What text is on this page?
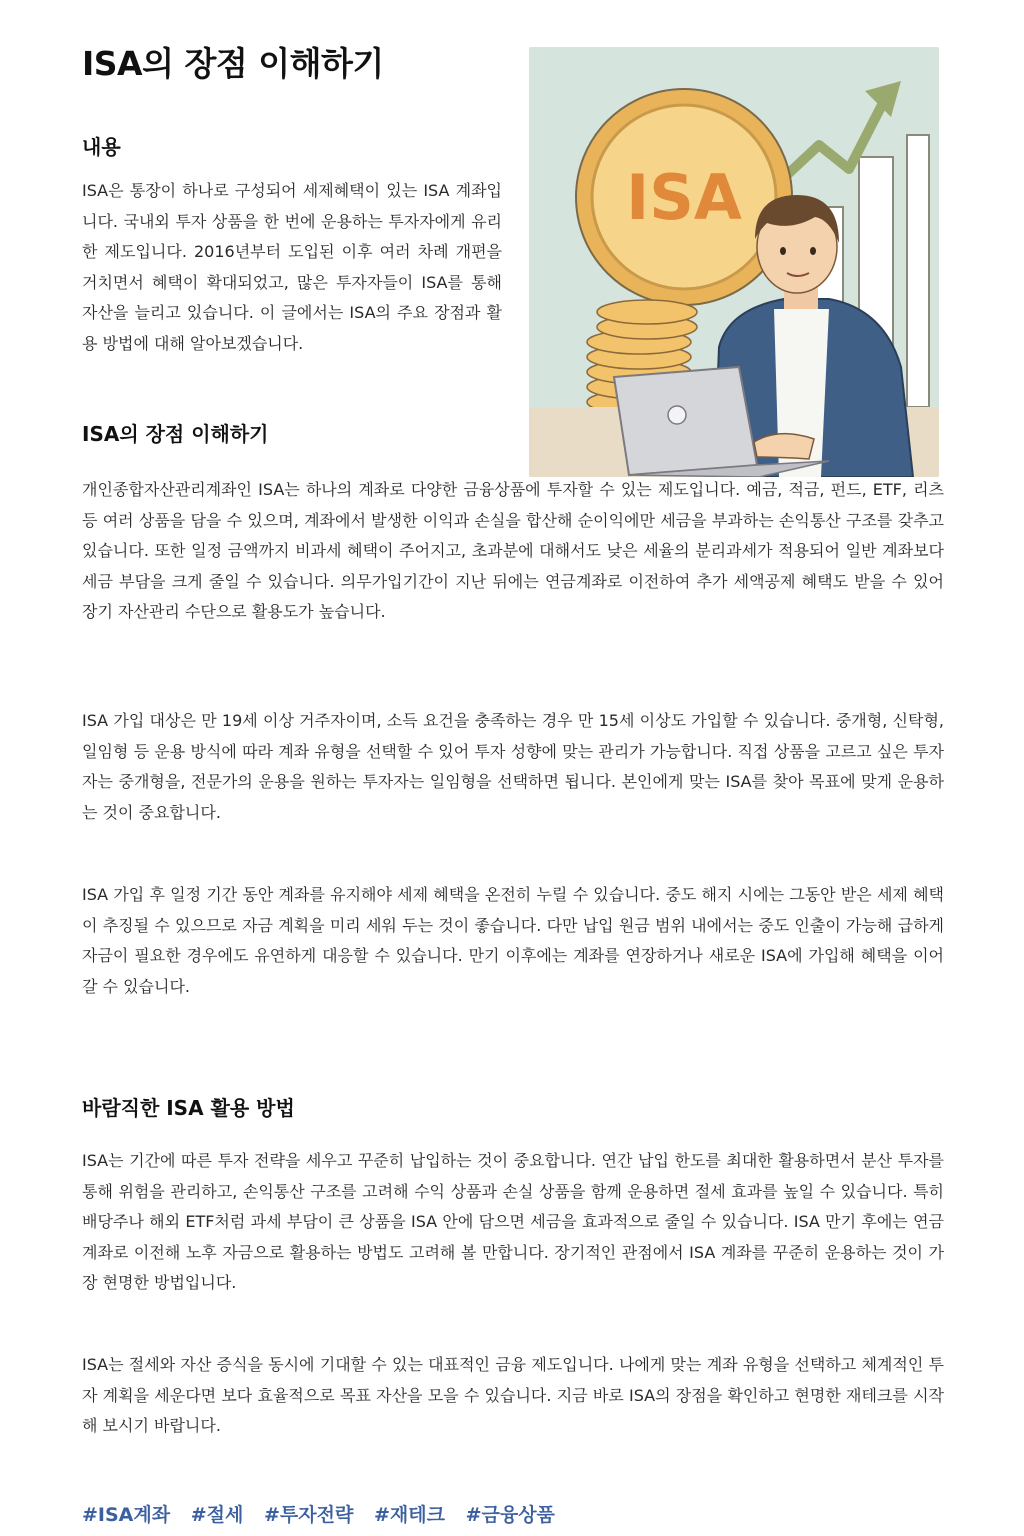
ISA의 장점 이해하기
내용

ISA은 통장이 하나로 구성되어 세제혜택이 있는 ISA 계좌입니다. 국내외 투자 상품을 한 번에 운용하는 투자자에게 유리한 제도입니다. 2016년부터 도입된 이후 여러 차례 개편을 거치면서 혜택이 확대되었고, 많은 투자자들이 ISA를 통해 자산을 늘리고 있습니다. 이 글에서는 ISA의 주요 장점과 활용 방법에 대해 알아보겠습니다.

ISA
ISA의 장점 이해하기

개인종합자산관리계좌인 ISA는 하나의 계좌로 다양한 금융상품에 투자할 수 있는 제도입니다. 예금, 적금, 펀드, ETF, 리츠 등 여러 상품을 담을 수 있으며, 계좌에서 발생한 이익과 손실을 합산해 순이익에만 세금을 부과하는 손익통산 구조를 갖추고 있습니다. 또한 일정 금액까지 비과세 혜택이 주어지고, 초과분에 대해서도 낮은 세율의 분리과세가 적용되어 일반 계좌보다 세금 부담을 크게 줄일 수 있습니다. 의무가입기간이 지난 뒤에는 연금계좌로 이전하여 추가 세액공제 혜택도 받을 수 있어 장기 자산관리 수단으로 활용도가 높습니다.

ISA 가입 대상은 만 19세 이상 거주자이며, 소득 요건을 충족하는 경우 만 15세 이상도 가입할 수 있습니다. 중개형, 신탁형, 일임형 등 운용 방식에 따라 계좌 유형을 선택할 수 있어 투자 성향에 맞는 관리가 가능합니다. 직접 상품을 고르고 싶은 투자자는 중개형을, 전문가의 운용을 원하는 투자자는 일임형을 선택하면 됩니다. 본인에게 맞는 ISA를 찾아 목표에 맞게 운용하는 것이 중요합니다.

ISA 가입 후 일정 기간 동안 계좌를 유지해야 세제 혜택을 온전히 누릴 수 있습니다. 중도 해지 시에는 그동안 받은 세제 혜택이 추징될 수 있으므로 자금 계획을 미리 세워 두는 것이 좋습니다. 다만 납입 원금 범위 내에서는 중도 인출이 가능해 급하게 자금이 필요한 경우에도 유연하게 대응할 수 있습니다. 만기 이후에는 계좌를 연장하거나 새로운 ISA에 가입해 혜택을 이어갈 수 있습니다.

바람직한 ISA 활용 방법

ISA는 기간에 따른 투자 전략을 세우고 꾸준히 납입하는 것이 중요합니다. 연간 납입 한도를 최대한 활용하면서 분산 투자를 통해 위험을 관리하고, 손익통산 구조를 고려해 수익 상품과 손실 상품을 함께 운용하면 절세 효과를 높일 수 있습니다. 특히 배당주나 해외 ETF처럼 과세 부담이 큰 상품을 ISA 안에 담으면 세금을 효과적으로 줄일 수 있습니다. ISA 만기 후에는 연금계좌로 이전해 노후 자금으로 활용하는 방법도 고려해 볼 만합니다. 장기적인 관점에서 ISA 계좌를 꾸준히 운용하는 것이 가장 현명한 방법입니다.

ISA는 절세와 자산 증식을 동시에 기대할 수 있는 대표적인 금융 제도입니다. 나에게 맞는 계좌 유형을 선택하고 체계적인 투자 계획을 세운다면 보다 효율적으로 목표 자산을 모을 수 있습니다. 지금 바로 ISA의 장점을 확인하고 현명한 재테크를 시작해 보시기 바랍니다.

#ISA계좌 #절세 #투자전략 #재테크 #금융상품
